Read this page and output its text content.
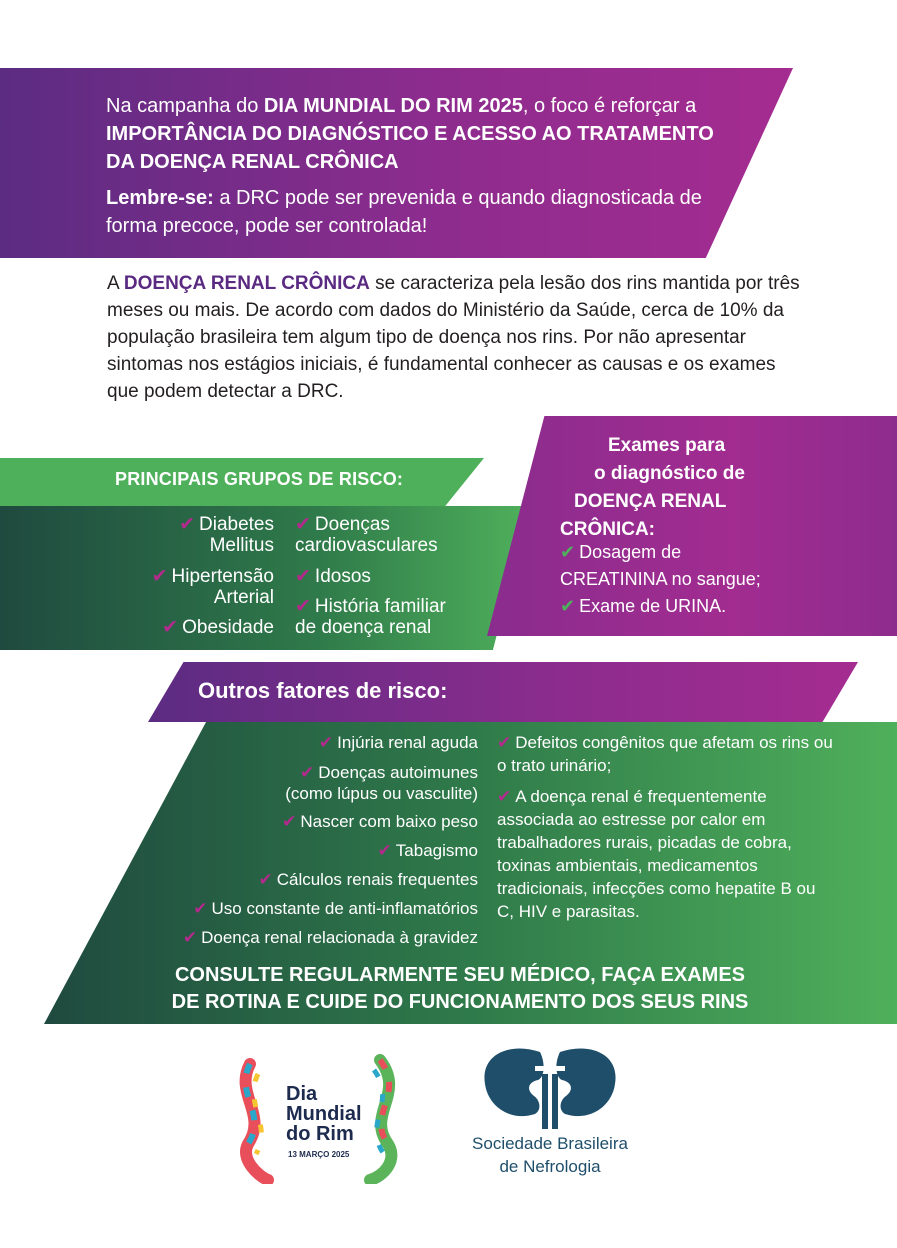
Na campanha do DIA MUNDIAL DO RIM 2025, o foco é reforçar a IMPORTÂNCIA DO DIAGNÓSTICO E ACESSO AO TRATAMENTO DA DOENÇA RENAL CRÔNICA
Lembre-se: a DRC pode ser prevenida e quando diagnosticada de forma precoce, pode ser controlada!
A DOENÇA RENAL CRÔNICA se caracteriza pela lesão dos rins mantida por três meses ou mais. De acordo com dados do Ministério da Saúde, cerca de 10% da população brasileira tem algum tipo de doença nos rins. Por não apresentar sintomas nos estágios iniciais, é fundamental conhecer as causas e os exames que podem detectar a DRC.
PRINCIPAIS GRUPOS DE RISCO:
✔ Diabetes
Mellitus
✔ Hipertensão
Arterial
✔ Obesidade
✔ Doenças
cardiovasculares
✔ Idosos
✔ História familiar
de doença renal
Exames para
o diagnóstico de
DOENÇA RENAL
CRÔNICA:
✔ Dosagem de
CREATININA no sangue;
✔ Exame de URINA.
Outros fatores de risco:
✔ Injúria renal aguda
✔ Doenças autoimunes
(como lúpus ou vasculite)
✔ Nascer com baixo peso
✔ Tabagismo
✔ Cálculos renais frequentes
✔ Uso constante de anti-inflamatórios
✔ Doença renal relacionada à gravidez
✔ Defeitos congênitos que afetam os rins ou o trato urinário;
✔ A doença renal é frequentemente associada ao estresse por calor em trabalhadores rurais, picadas de cobra, toxinas ambientais, medicamentos tradicionais, infecções como hepatite B ou C, HIV e parasitas.
CONSULTE REGULARMENTE SEU MÉDICO, FAÇA EXAMES
DE ROTINA E CUIDE DO FUNCIONAMENTO DOS SEUS RINS
Dia
Mundial
do Rim
13 MARÇO 2025
Sociedade Brasileira
de Nefrologia
